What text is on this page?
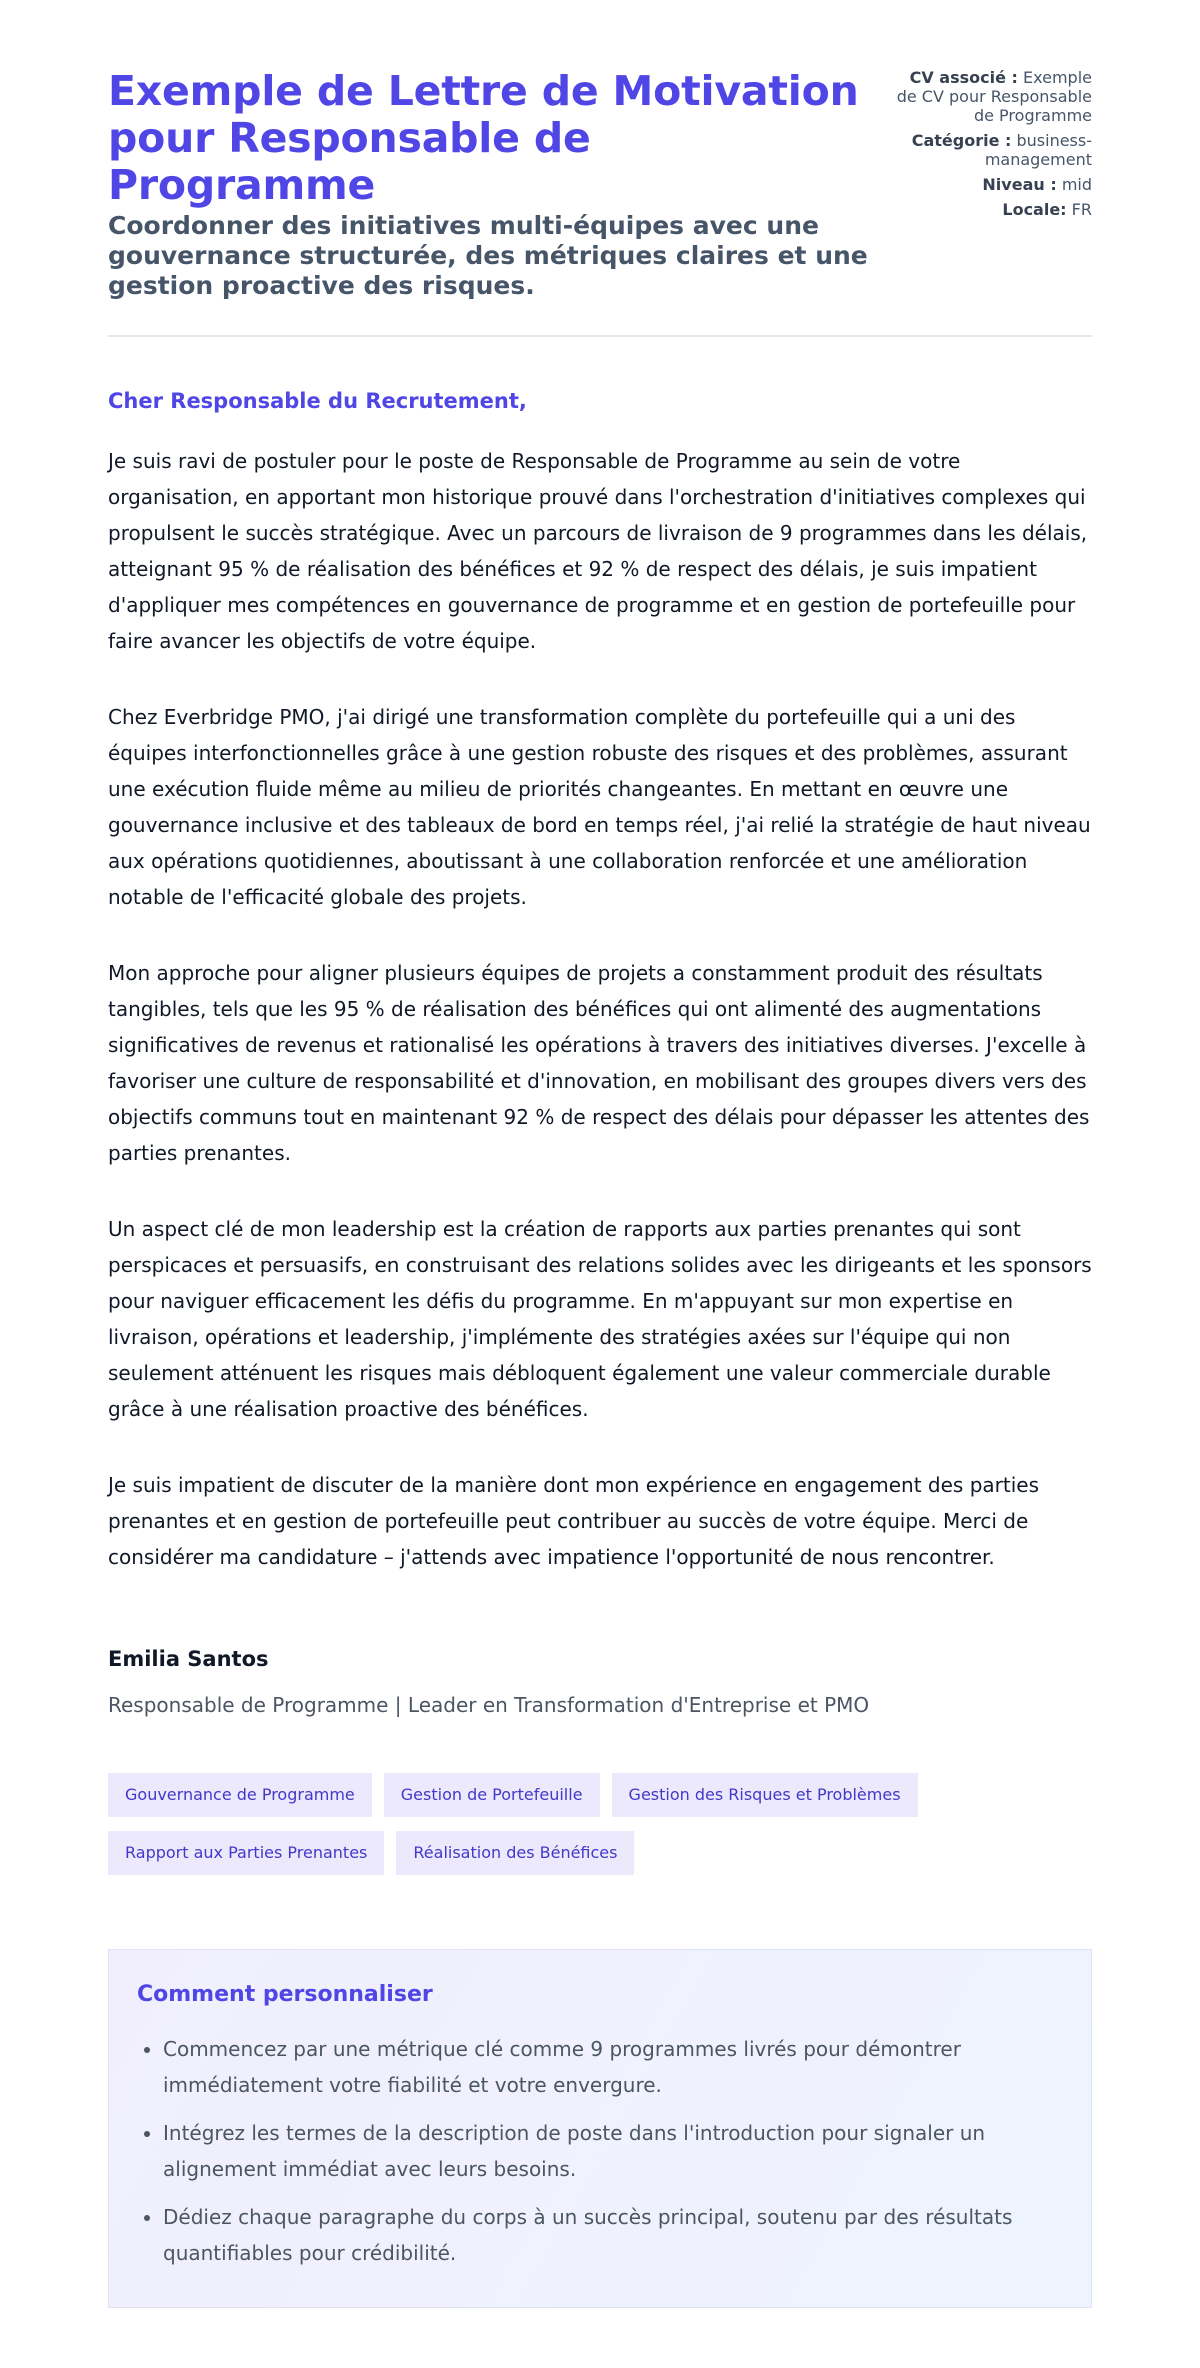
Exemple de Lettre de Motivation pour Responsable de Programme
Coordonner des initiatives multi-équipes avec une gouvernance structurée, des métriques claires et une gestion proactive des risques.
CV associé : Exemple de CV pour Responsable de Programme
Catégorie : business-management
Niveau : mid
Locale: FR

Cher Responsable du Recrutement,

Je suis ravi de postuler pour le poste de Responsable de Programme au sein de votre organisation, en apportant mon historique prouvé dans l'orchestration d'initiatives complexes qui propulsent le succès stratégique. Avec un parcours de livraison de 9 programmes dans les délais, atteignant 95 % de réalisation des bénéfices et 92 % de respect des délais, je suis impatient d'appliquer mes compétences en gouvernance de programme et en gestion de portefeuille pour faire avancer les objectifs de votre équipe.

Chez Everbridge PMO, j'ai dirigé une transformation complète du portefeuille qui a uni des équipes interfonctionnelles grâce à une gestion robuste des risques et des problèmes, assurant une exécution fluide même au milieu de priorités changeantes. En mettant en œuvre une gouvernance inclusive et des tableaux de bord en temps réel, j'ai relié la stratégie de haut niveau aux opérations quotidiennes, aboutissant à une collaboration renforcée et une amélioration notable de l'efficacité globale des projets.

Mon approche pour aligner plusieurs équipes de projets a constamment produit des résultats tangibles, tels que les 95 % de réalisation des bénéfices qui ont alimenté des augmentations significatives de revenus et rationalisé les opérations à travers des initiatives diverses. J'excelle à favoriser une culture de responsabilité et d'innovation, en mobilisant des groupes divers vers des objectifs communs tout en maintenant 92 % de respect des délais pour dépasser les attentes des parties prenantes.

Un aspect clé de mon leadership est la création de rapports aux parties prenantes qui sont perspicaces et persuasifs, en construisant des relations solides avec les dirigeants et les sponsors pour naviguer efficacement les défis du programme. En m'appuyant sur mon expertise en livraison, opérations et leadership, j'implémente des stratégies axées sur l'équipe qui non seulement atténuent les risques mais débloquent également une valeur commerciale durable grâce à une réalisation proactive des bénéfices.

Je suis impatient de discuter de la manière dont mon expérience en engagement des parties prenantes et en gestion de portefeuille peut contribuer au succès de votre équipe. Merci de considérer ma candidature – j'attends avec impatience l'opportunité de nous rencontrer.

Emilia Santos
Responsable de Programme | Leader en Transformation d'Entreprise et PMO
Gouvernance de Programme	Gestion de Portefeuille	Gestion des Risques et Problèmes
Rapport aux Parties Prenantes	Réalisation des Bénéfices
Comment personnaliser
• Commencez par une métrique clé comme 9 programmes livrés pour démontrer immédiatement votre fiabilité et votre envergure.
• Intégrez les termes de la description de poste dans l'introduction pour signaler un alignement immédiat avec leurs besoins.
• Dédiez chaque paragraphe du corps à un succès principal, soutenu par des résultats quantifiables pour crédibilité.
